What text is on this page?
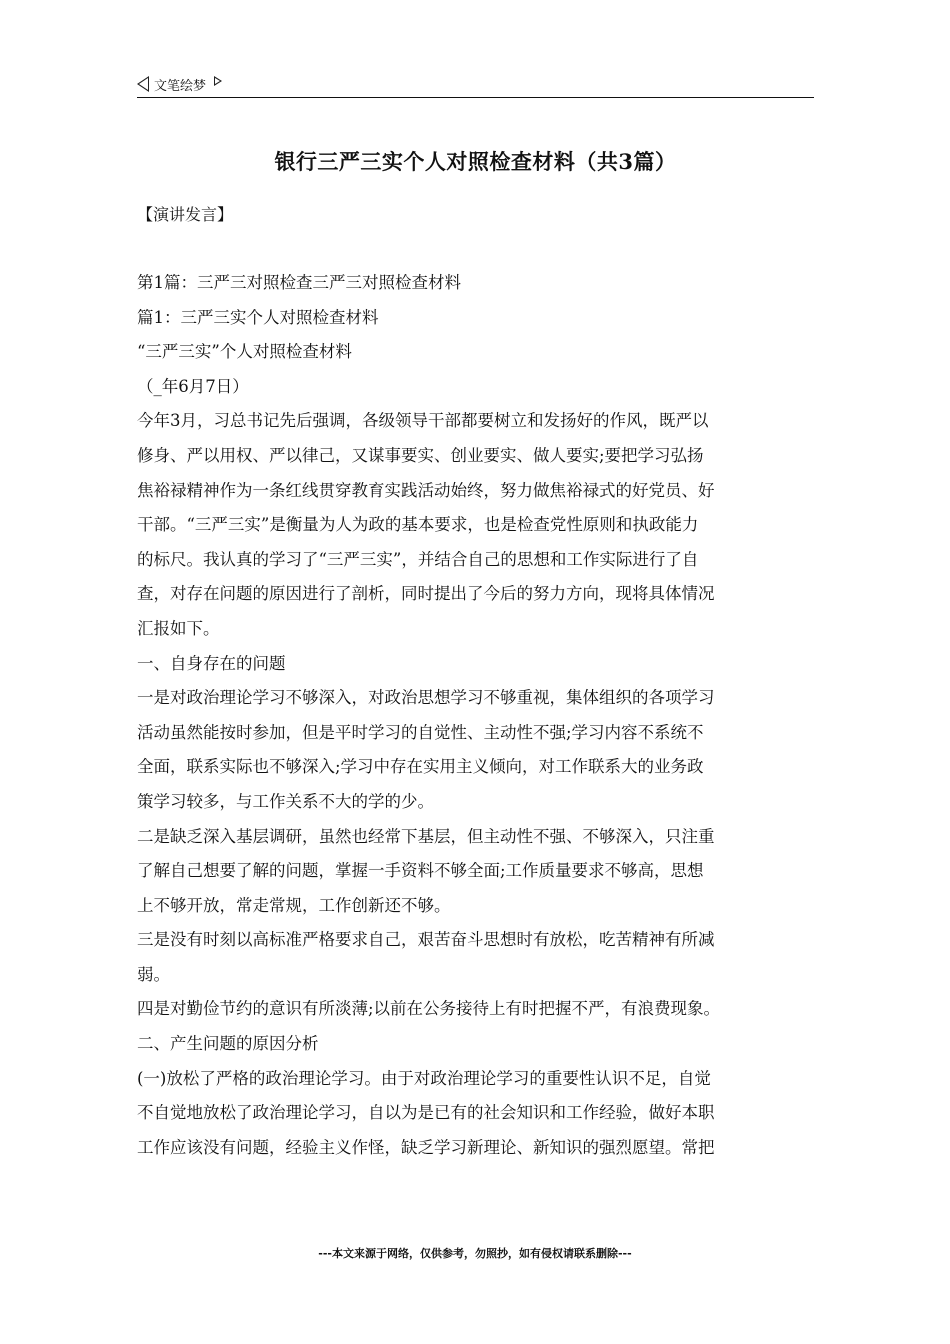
文笔绘梦
银行三严三实个人对照检查材料（共3篇）
【演讲发言】

第1篇：三严三对照检查三严三对照检查材料

篇1：三严三实个人对照检查材料

“三严三实”个人对照检查材料

（_年6月7日）

今年3月，习总书记先后强调，各级领导干部都要树立和发扬好的作风，既严以

修身、严以用权、严以律己，又谋事要实、创业要实、做人要实;要把学习弘扬

焦裕禄精神作为一条红线贯穿教育实践活动始终，努力做焦裕禄式的好党员、好

干部。“三严三实”是衡量为人为政的基本要求，也是检查党性原则和执政能力

的标尺。我认真的学习了“三严三实”，并结合自己的思想和工作实际进行了自

查，对存在问题的原因进行了剖析，同时提出了今后的努力方向，现将具体情况

汇报如下。

一、自身存在的问题

一是对政治理论学习不够深入，对政治思想学习不够重视，集体组织的各项学习

活动虽然能按时参加，但是平时学习的自觉性、主动性不强;学习内容不系统不

全面，联系实际也不够深入;学习中存在实用主义倾向，对工作联系大的业务政

策学习较多，与工作关系不大的学的少。

二是缺乏深入基层调研，虽然也经常下基层，但主动性不强、不够深入，只注重

了解自己想要了解的问题，掌握一手资料不够全面;工作质量要求不够高，思想

上不够开放，常走常规，工作创新还不够。

三是没有时刻以高标准严格要求自己，艰苦奋斗思想时有放松，吃苦精神有所减

弱。

四是对勤俭节约的意识有所淡薄;以前在公务接待上有时把握不严，有浪费现象。

二、产生问题的原因分析

(一)放松了严格的政治理论学习。由于对政治理论学习的重要性认识不足，自觉

不自觉地放松了政治理论学习，自以为是已有的社会知识和工作经验，做好本职

工作应该没有问题，经验主义作怪，缺乏学习新理论、新知识的强烈愿望。常把

---本文来源于网络，仅供参考，勿照抄，如有侵权请联系删除---
